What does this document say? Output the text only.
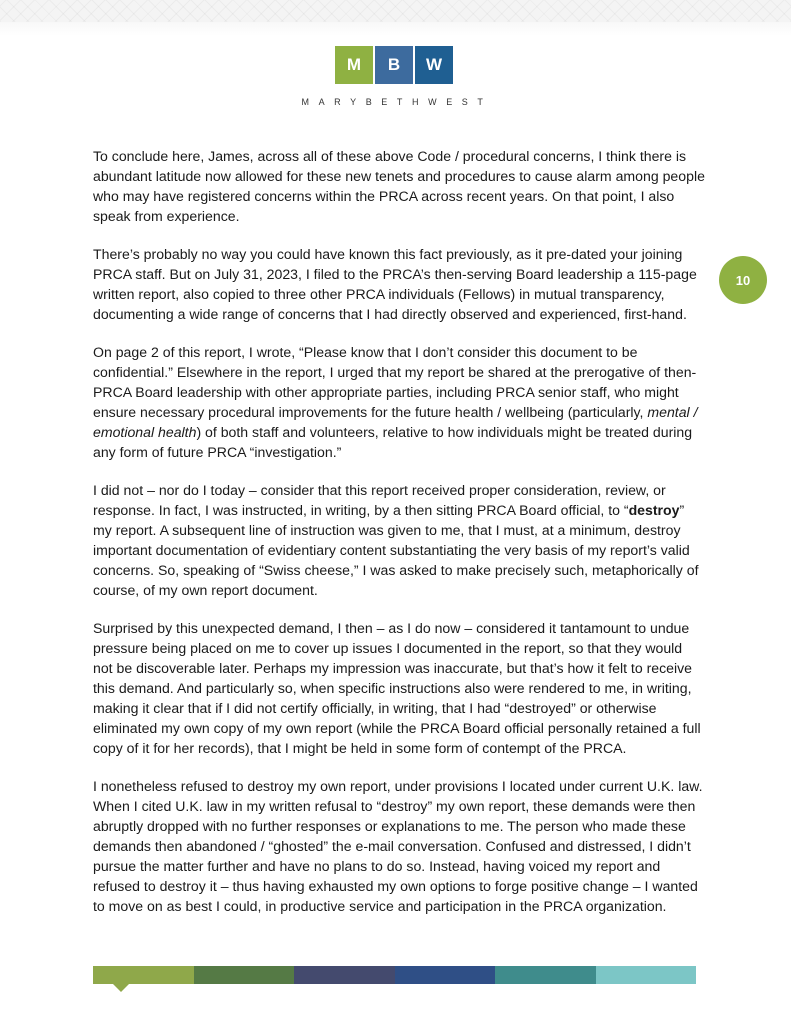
M	B	W
MARYBETHWEST
10

To conclude here, James, across all of these above Code / procedural concerns, I think there is abundant latitude now allowed for these new tenets and procedures to cause alarm among people who may have registered concerns within the PRCA across recent years. On that point, I also speak from experience.

There’s probably no way you could have known this fact previously, as it pre-dated your joining PRCA staff. But on July 31, 2023, I filed to the PRCA’s then-serving Board leadership a 115-page written report, also copied to three other PRCA individuals (Fellows) in mutual transparency, documenting a wide range of concerns that I had directly observed and experienced, first-hand.

On page 2 of this report, I wrote, “Please know that I don’t consider this document to be confidential.” Elsewhere in the report, I urged that my report be shared at the prerogative of then-PRCA Board leadership with other appropriate parties, including PRCA senior staff, who might ensure necessary procedural improvements for the future health / wellbeing (particularly, mental / emotional health) of both staff and volunteers, relative to how individuals might be treated during any form of future PRCA “investigation.”

I did not – nor do I today – consider that this report received proper consideration, review, or response. In fact, I was instructed, in writing, by a then sitting PRCA Board official, to “destroy” my report. A subsequent line of instruction was given to me, that I must, at a minimum, destroy important documentation of evidentiary content substantiating the very basis of my report’s valid concerns. So, speaking of “Swiss cheese,” I was asked to make precisely such, metaphorically of course, of my own report document.

Surprised by this unexpected demand, I then – as I do now – considered it tantamount to undue pressure being placed on me to cover up issues I documented in the report, so that they would not be discoverable later. Perhaps my impression was inaccurate, but that’s how it felt to receive this demand. And particularly so, when specific instructions also were rendered to me, in writing, making it clear that if I did not certify officially, in writing, that I had “destroyed” or otherwise eliminated my own copy of my own report (while the PRCA Board official personally retained a full copy of it for her records), that I might be held in some form of contempt of the PRCA.

I nonetheless refused to destroy my own report, under provisions I located under current U.K. law. When I cited U.K. law in my written refusal to “destroy” my own report, these demands were then abruptly dropped with no further responses or explanations to me. The person who made these demands then abandoned / “ghosted” the e-mail conversation. Confused and distressed, I didn’t pursue the matter further and have no plans to do so. Instead, having voiced my report and refused to destroy it – thus having exhausted my own options to forge positive change – I wanted to move on as best I could, in productive service and participation in the PRCA organization.
